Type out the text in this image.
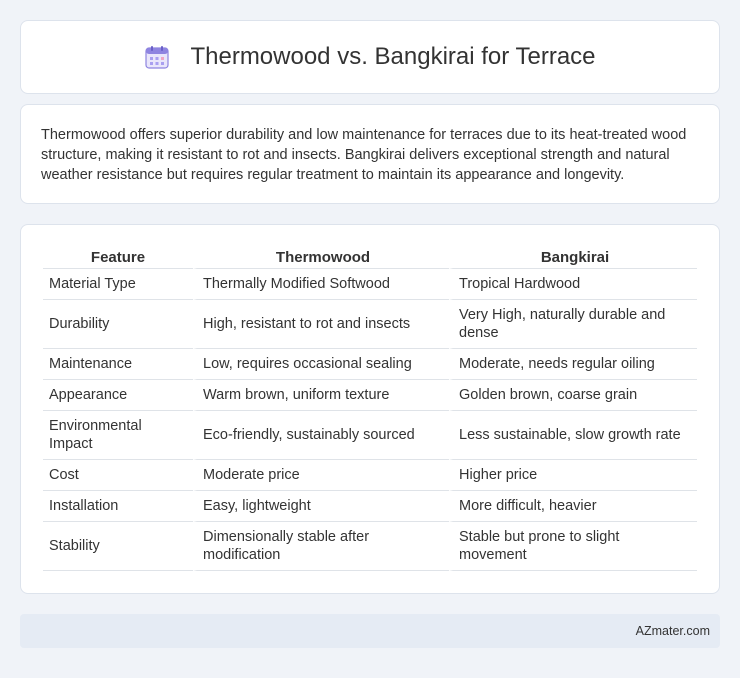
Thermowood vs. Bangkirai for Terrace

Thermowood offers superior durability and low maintenance for terraces due to its heat-treated wood structure, making it resistant to rot and insects. Bangkirai delivers exceptional strength and natural weather resistance but requires regular treatment to maintain its appearance and longevity.

Feature	Thermowood	Bangkirai
Material Type	Thermally Modified Softwood	Tropical Hardwood
Durability	High, resistant to rot and insects	Very High, naturally durable and dense
Maintenance	Low, requires occasional sealing	Moderate, needs regular oiling
Appearance	Warm brown, uniform texture	Golden brown, coarse grain
Environmental Impact	Eco-friendly, sustainably sourced	Less sustainable, slow growth rate
Cost	Moderate price	Higher price
Installation	Easy, lightweight	More difficult, heavier
Stability	Dimensionally stable after modification	Stable but prone to slight movement
AZmater.com
